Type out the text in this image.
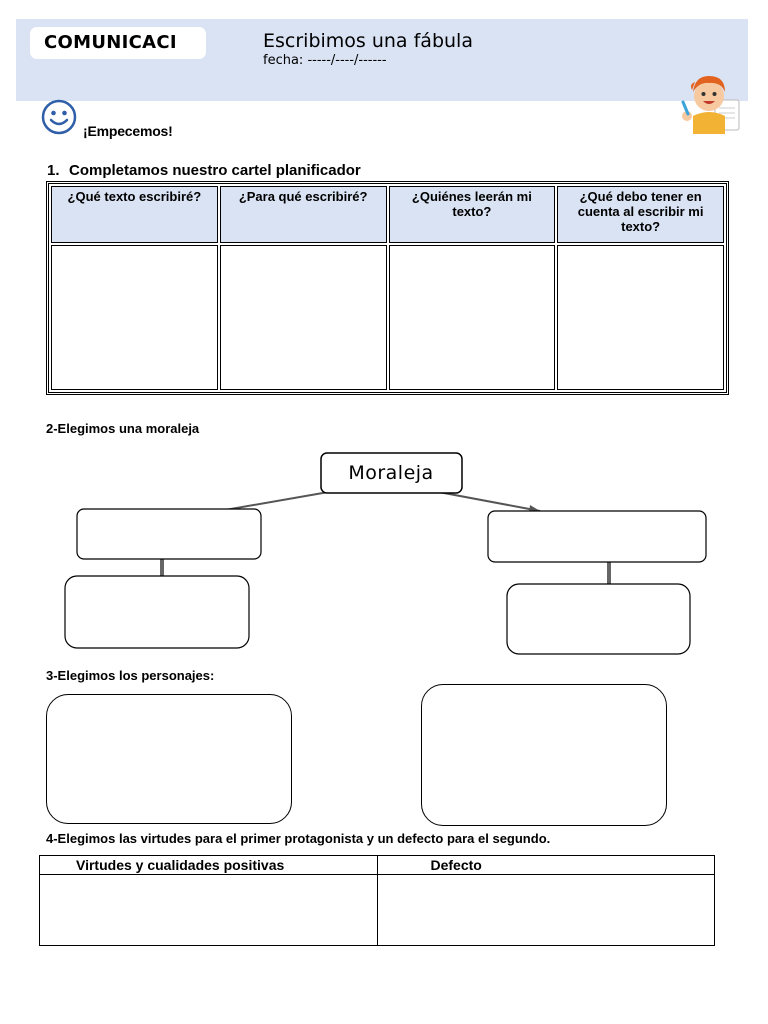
COMUNICACI	Escribimos una fábula
fecha: -----/----/------
¡Empecemos!
1. Completamos nuestro cartel planificador
¿Qué texto escribiré?	¿Para qué escribiré?	¿Quiénes leerán mi texto?	¿Qué debo tener en cuenta al escribir mi texto?

2-Elegimos una moraleja
Moraleja
3-Elegimos los personajes:
4-Elegimos las virtudes para el primer protagonista y un defecto para el segundo.
Virtudes y cualidades positivas	Defecto
